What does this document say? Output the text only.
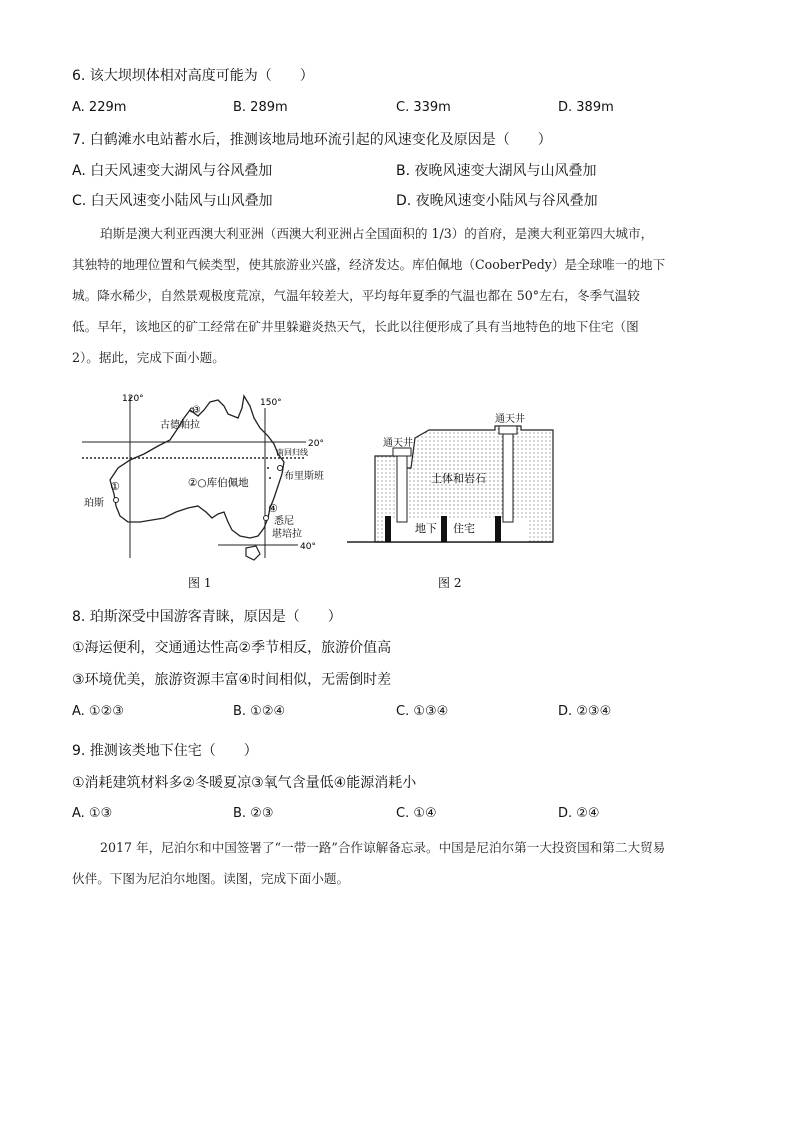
6. 该大坝坝体相对高度可能为（　　）
A. 229m	B. 289m	C. 339m	D. 389m
7. 白鹤滩水电站蓄水后，推测该地局地环流引起的风速变化及原因是（　　）
A. 白天风速变大湖风与谷风叠加	B. 夜晚风速变大湖风与山风叠加
C. 白天风速变小陆风与山风叠加	D. 夜晚风速变小陆风与谷风叠加
珀斯是澳大利亚西澳大利亚洲（西澳大利亚洲占全国面积的 1/3）的首府，是澳大利亚第四大城市，
其独特的地理位置和气候类型，使其旅游业兴盛，经济发达。库伯佩地（CooberPedy）是全球唯一的地下
城。降水稀少，自然景观极度荒凉，气温年较差大，平均每年夏季的气温也都在 50°左右，冬季气温较
低。早年，该地区的矿工经常在矿井里躲避炎热天气，长此以往便形成了具有当地特色的地下住宅（图
2）。据此，完成下面小题。
120°	150°
20°
40°
南回归线
③
古德帕拉
②○库伯佩地
布里斯班
①
珀斯	④
悉尼
堪培拉
图 1
通天井
通天井
土体和岩石
地下 住宅
图 2
8. 珀斯深受中国游客青睐，原因是（　　）
①海运便利，交通通达性高②季节相反，旅游价值高
③环境优美，旅游资源丰富④时间相似，无需倒时差
A. ①②③	B. ①②④	C. ①③④	D. ②③④
9. 推测该类地下住宅（　　）
①消耗建筑材料多②冬暖夏凉③氧气含量低④能源消耗小
A. ①③	B. ②③	C. ①④	D. ②④
2017 年，尼泊尔和中国签署了“一带一路”合作谅解备忘录。中国是尼泊尔第一大投资国和第二大贸易
伙伴。下图为尼泊尔地图。读图，完成下面小题。
